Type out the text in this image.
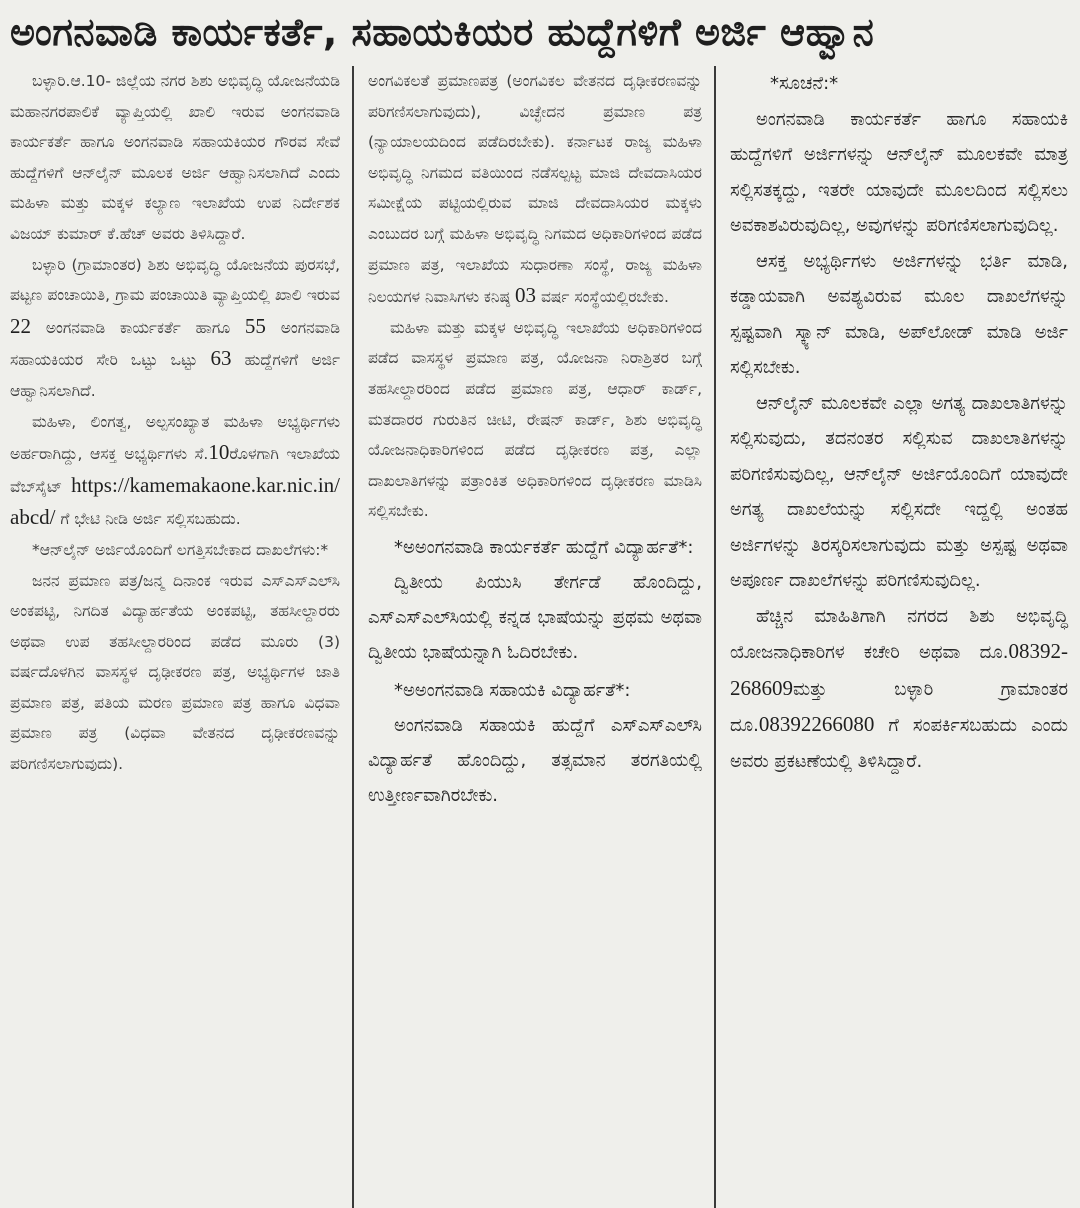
ಅಂಗನವಾಡಿ ಕಾರ್ಯಕರ್ತೆ, ಸಹಾಯಕಿಯರ ಹುದ್ದೆಗಳಿಗೆ ಅರ್ಜಿ ಆಹ್ವಾನ

ಬಳ್ಳಾರಿ.ಆ.10- ಜಿಲ್ಲೆಯ ನಗರ ಶಿಶು ಅಭಿವೃದ್ಧಿ ಯೋಜನೆಯಡಿ ಮಹಾನಗರಪಾಲಿಕೆ ವ್ಯಾಪ್ತಿಯಲ್ಲಿ ಖಾಲಿ ಇರುವ ಅಂಗನವಾಡಿ ಕಾರ್ಯಕರ್ತೆ ಹಾಗೂ ಅಂಗನವಾಡಿ ಸಹಾಯಕಿಯರ ಗೌರವ ಸೇವೆ ಹುದ್ದೆಗಳಿಗೆ ಆನ್‍ಲೈನ್ ಮೂಲಕ ಅರ್ಜಿ ಆಹ್ವಾನಿಸಲಾಗಿದೆ ಎಂದು ಮಹಿಳಾ ಮತ್ತು ಮಕ್ಕಳ ಕಲ್ಯಾಣ ಇಲಾಖೆಯ ಉಪ ನಿರ್ದೇಶಕ ವಿಜಯ್ ಕುಮಾರ್ ಕೆ.ಹೆಚ್ ಅವರು ತಿಳಿಸಿದ್ದಾರೆ.

ಬಳ್ಳಾರಿ (ಗ್ರಾಮಾಂತರ) ಶಿಶು ಅಭಿವೃದ್ಧಿ ಯೋಜನೆಯ ಪುರಸಭೆ, ಪಟ್ಟಣ ಪಂಚಾಯಿತಿ, ಗ್ರಾಮ ಪಂಚಾಯಿತಿ ವ್ಯಾಪ್ತಿಯಲ್ಲಿ ಖಾಲಿ ಇರುವ 22 ಅಂಗನವಾಡಿ ಕಾರ್ಯಕರ್ತೆ ಹಾಗೂ 55 ಅಂಗನವಾಡಿ ಸಹಾಯಕಿಯರ ಸೇರಿ ಒಟ್ಟು ಒಟ್ಟು 63 ಹುದ್ದೆಗಳಿಗೆ ಅರ್ಜಿ ಆಹ್ವಾನಿಸಲಾಗಿದೆ.

ಮಹಿಳಾ, ಲಿಂಗತ್ವ, ಅಲ್ಪಸಂಖ್ಯಾತ ಮಹಿಳಾ ಅಭ್ಯರ್ಥಿಗಳು ಅರ್ಹರಾಗಿದ್ದು, ಆಸಕ್ತ ಅಭ್ಯರ್ಥಿಗಳು ಸೆ.10ರೊಳಗಾಗಿ ಇಲಾಖೆಯ ವೆಬ್‍ಸೈಟ್ https://kamemakaone.kar.nic.in/abcd/ ಗೆ ಭೇಟಿ ನೀಡಿ ಅರ್ಜಿ ಸಲ್ಲಿಸಬಹುದು.

*ಆನ್‍ಲೈನ್ ಅರ್ಜಿಯೊಂದಿಗೆ ಲಗತ್ತಿಸಬೇಕಾದ ದಾಖಲೆಗಳು:*

ಜನನ ಪ್ರಮಾಣ ಪತ್ರ/ಜನ್ಮ ದಿನಾಂಕ ಇರುವ ಎಸ್‍ಎಸ್‍ಎಲ್‍ಸಿ ಅಂಕಪಟ್ಟಿ, ನಿಗದಿತ ವಿದ್ಯಾರ್ಹತೆಯ ಅಂಕಪಟ್ಟಿ, ತಹಸೀಲ್ದಾರರು ಅಥವಾ ಉಪ ತಹಸೀಲ್ದಾರರಿಂದ ಪಡೆದ ಮೂರು (3) ವರ್ಷದೊಳಗಿನ ವಾಸಸ್ಥಳ ದೃಢೀಕರಣ ಪತ್ರ, ಅಭ್ಯರ್ಥಿಗಳ ಜಾತಿ ಪ್ರಮಾಣ ಪತ್ರ, ಪತಿಯ ಮರಣ ಪ್ರಮಾಣ ಪತ್ರ ಹಾಗೂ ವಿಧವಾ ಪ್ರಮಾಣ ಪತ್ರ (ವಿಧವಾ ವೇತನದ ದೃಢೀಕರಣವನ್ನು ಪರಿಗಣಿಸಲಾಗುವುದು).

ಅಂಗವಿಕಲತೆ ಪ್ರಮಾಣಪತ್ರ (ಅಂಗವಿಕಲ ವೇತನದ ದೃಢೀಕರಣವನ್ನು ಪರಿಗಣಿಸಲಾಗುವುದು), ವಿಚ್ಛೇದನ ಪ್ರಮಾಣ ಪತ್ರ (ನ್ಯಾಯಾಲಯದಿಂದ ಪಡೆದಿರಬೇಕು). ಕರ್ನಾಟಕ ರಾಜ್ಯ ಮಹಿಳಾ ಅಭಿವೃದ್ಧಿ ನಿಗಮದ ವತಿಯಿಂದ ನಡೆಸಲ್ಪಟ್ಟ ಮಾಜಿ ದೇವದಾಸಿಯರ ಸಮೀಕ್ಷೆಯ ಪಟ್ಟಿಯಲ್ಲಿರುವ ಮಾಜಿ ದೇವದಾಸಿಯರ ಮಕ್ಕಳು ಎಂಬುದರ ಬಗ್ಗೆ ಮಹಿಳಾ ಅಭಿವೃದ್ಧಿ ನಿಗಮದ ಅಧಿಕಾರಿಗಳಿಂದ ಪಡೆದ ಪ್ರಮಾಣ ಪತ್ರ, ಇಲಾಖೆಯ ಸುಧಾರಣಾ ಸಂಸ್ಥೆ, ರಾಜ್ಯ ಮಹಿಳಾ ನಿಲಯಗಳ ನಿವಾಸಿಗಳು ಕನಿಷ್ಠ 03 ವರ್ಷ ಸಂಸ್ಥೆಯಲ್ಲಿರಬೇಕು.

ಮಹಿಳಾ ಮತ್ತು ಮಕ್ಕಳ ಅಭಿವೃದ್ಧಿ ಇಲಾಖೆಯ ಅಧಿಕಾರಿಗಳಿಂದ ಪಡೆದ ವಾಸಸ್ಥಳ ಪ್ರಮಾಣ ಪತ್ರ, ಯೋಜನಾ ನಿರಾಶ್ರಿತರ ಬಗ್ಗೆ ತಹಸೀಲ್ದಾರರಿಂದ ಪಡೆದ ಪ್ರಮಾಣ ಪತ್ರ, ಆಧಾರ್ ಕಾರ್ಡ್, ಮತದಾರರ ಗುರುತಿನ ಚೀಟಿ, ರೇಷನ್ ಕಾರ್ಡ್, ಶಿಶು ಅಭಿವೃದ್ಧಿ ಯೋಜನಾಧಿಕಾರಿಗಳಿಂದ ಪಡೆದ ದೃಢೀಕರಣ ಪತ್ರ, ಎಲ್ಲಾ ದಾಖಲಾತಿಗಳನ್ನು ಪತ್ರಾಂಕಿತ ಅಧಿಕಾರಿಗಳಿಂದ ದೃಢೀಕರಣ ಮಾಡಿಸಿ ಸಲ್ಲಿಸಬೇಕು.

*ಅಅಂಗನವಾಡಿ ಕಾರ್ಯಕರ್ತೆ ಹುದ್ದೆಗೆ ವಿದ್ಯಾರ್ಹತೆ*:

ದ್ವಿತೀಯ ಪಿಯುಸಿ ತೇರ್ಗಡೆ ಹೊಂದಿದ್ದು, ಎಸ್‍ಎಸ್‍ಎಲ್‍ಸಿಯಲ್ಲಿ ಕನ್ನಡ ಭಾಷೆಯನ್ನು ಪ್ರಥಮ ಅಥವಾ ದ್ವಿತೀಯ ಭಾಷೆಯನ್ನಾಗಿ ಓದಿರಬೇಕು.

*ಅಅಂಗನವಾಡಿ ಸಹಾಯಕಿ ವಿದ್ಯಾರ್ಹತೆ*:

ಅಂಗನವಾಡಿ ಸಹಾಯಕಿ ಹುದ್ದೆಗೆ ಎಸ್‍ಎಸ್‍ಎಲ್‍ಸಿ ವಿದ್ಯಾರ್ಹತೆ ಹೊಂದಿದ್ದು, ತತ್ಸಮಾನ ತರಗತಿಯಲ್ಲಿ ಉತ್ತೀರ್ಣವಾಗಿರಬೇಕು.

*ಸೂಚನೆ:*

ಅಂಗನವಾಡಿ ಕಾರ್ಯಕರ್ತೆ ಹಾಗೂ ಸಹಾಯಕಿ ಹುದ್ದೆಗಳಿಗೆ ಅರ್ಜಿಗಳನ್ನು ಆನ್‍ಲೈನ್ ಮೂಲಕವೇ ಮಾತ್ರ ಸಲ್ಲಿಸತಕ್ಕದ್ದು, ಇತರೇ ಯಾವುದೇ ಮೂಲದಿಂದ ಸಲ್ಲಿಸಲು ಅವಕಾಶವಿರುವುದಿಲ್ಲ, ಅವುಗಳನ್ನು ಪರಿಗಣಿಸಲಾಗುವುದಿಲ್ಲ.

ಆಸಕ್ತ ಅಭ್ಯರ್ಥಿಗಳು ಅರ್ಜಿಗಳನ್ನು ಭರ್ತಿ ಮಾಡಿ, ಕಡ್ಡಾಯವಾಗಿ ಅವಶ್ಯವಿರುವ ಮೂಲ ದಾಖಲೆಗಳನ್ನು ಸ್ಪಷ್ಟವಾಗಿ ಸ್ಕ್ಯಾನ್ ಮಾಡಿ, ಅಪ್‍ಲೋಡ್ ಮಾಡಿ ಅರ್ಜಿ ಸಲ್ಲಿಸಬೇಕು.

ಆನ್‍ಲೈನ್ ಮೂಲಕವೇ ಎಲ್ಲಾ ಅಗತ್ಯ ದಾಖಲಾತಿಗಳನ್ನು ಸಲ್ಲಿಸುವುದು, ತದನಂತರ ಸಲ್ಲಿಸುವ ದಾಖಲಾತಿಗಳನ್ನು ಪರಿಗಣಿಸುವುದಿಲ್ಲ, ಆನ್‍ಲೈನ್ ಅರ್ಜಿಯೊಂದಿಗೆ ಯಾವುದೇ ಅಗತ್ಯ ದಾಖಲೆಯನ್ನು ಸಲ್ಲಿಸದೇ ಇದ್ದಲ್ಲಿ ಅಂತಹ ಅರ್ಜಿಗಳನ್ನು ತಿರಸ್ಕರಿಸಲಾಗುವುದು ಮತ್ತು ಅಸ್ಪಷ್ಟ ಅಥವಾ ಅಪೂರ್ಣ ದಾಖಲೆಗಳನ್ನು ಪರಿಗಣಿಸುವುದಿಲ್ಲ.

ಹೆಚ್ಚಿನ ಮಾಹಿತಿಗಾಗಿ ನಗರದ ಶಿಶು ಅಭಿವೃದ್ಧಿ ಯೋಜನಾಧಿಕಾರಿಗಳ ಕಚೇರಿ ಅಥವಾ ದೂ.08392-268609ಮತ್ತು ಬಳ್ಳಾರಿ ಗ್ರಾಮಾಂತರ ದೂ.08392266080 ಗೆ ಸಂಪರ್ಕಿಸಬಹುದು ಎಂದು ಅವರು ಪ್ರಕಟಣೆಯಲ್ಲಿ ತಿಳಿಸಿದ್ದಾರೆ.
